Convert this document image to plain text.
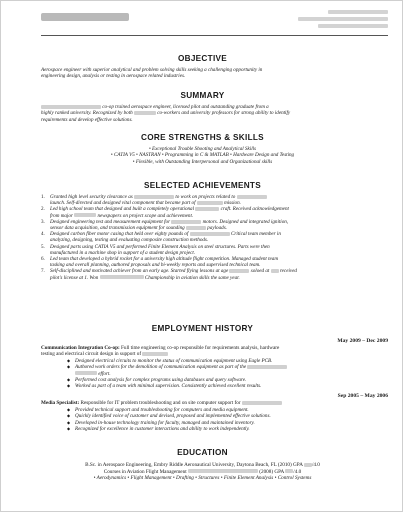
OBJECTIVE
Aerospace engineer with superior analytical and problem solving skills seeking a challenging opportunity in
engineering design, analysis or testing in aerospace related industries.
SUMMARY
co-op trained aerospace engineer, licensed pilot and outstanding graduate from a
highly ranked university. Recognized by both	co-workers and university professors for strong ability to identify
requirements and develop effective solutions.
CORE STRENGTHS & SKILLS
• Exceptional Trouble Shooting and Analytical Skills
• CATIA V5 • NASTRAN • Programming in C & MATLAB • Hardware Design and Testing
• Flexible, with Outstanding Interpersonal and Organizational skills
SELECTED ACHIEVEMENTS
1. Granted high level security clearance as	to work on projects related to
launch. Self-directed and designed vital component that became part of	mission.
2. Led high school team that designed and built a completely operational	craft. Received acknowledgement
from major	newspapers on project scope and achievement.
3. Designed engineering test and measurement equipment for	motors. Designed and integrated ignition,
sensor data acquisition, and transmission equipment for sounding	payloads.
4. Designed carbon fiber motor casing that held over eighty pounds of	Critical team member in
analyzing, designing, testing and evaluating composite construction methods.
5. Designed parts using CATIA V5 and performed Finite Element Analysis on steel structures. Parts were then
manufactured in a machine shop in support of a student design project.
6. Led team that developed a hybrid rocket for a university high altitude flight competition. Managed student team
tasking and overall planning, authored proposals and bi-weekly reports and supervised technical team.
7. Self-disciplined and motivated achiever from an early age. Started flying lessons at age	soloed at received
pilot's license at 1. Won	Championship in aviation skills the same year.
EMPLOYMENT HISTORY
May 2009 – Dec 2009
Communication Integration Co-op: Full time engineering co-op responsible for requirements analysis, hardware
testing and electrical circuit design in support of
◆ Designed electrical circuits to monitor the status of communication equipment using Eagle PCB.
◆ Authored work orders for the demolition of communication equipment as part of the
effort.
◆ Performed cost analysis for complex programs using databases and query software.
◆ Worked as part of a team with minimal supervision. Consistently achieved excellent results.
Sep 2005 – May 2006
Media Specialist: Responsible for IT problem troubleshooting and on site computer support for
◆ Provided technical support and troubleshooting for computers and media equipment.
◆ Quickly identified voice of customer and devised, proposed and implemented effective solutions.
◆ Developed in-house technology training for faculty, managed and maintained inventory.
◆ Recognized for excellence in customer interactions and ability to work independently.
EDUCATION
B.Sc. in Aerospace Engineering, Embry Riddle Aeronautical University, Daytona Beach, FL (2010) GPA /4.0
Courses in Aviation Flight Management	(2008) GPA /4.0
• Aerodynamics • Flight Management • Drafting • Structures • Finite Element Analysis • Control Systems
